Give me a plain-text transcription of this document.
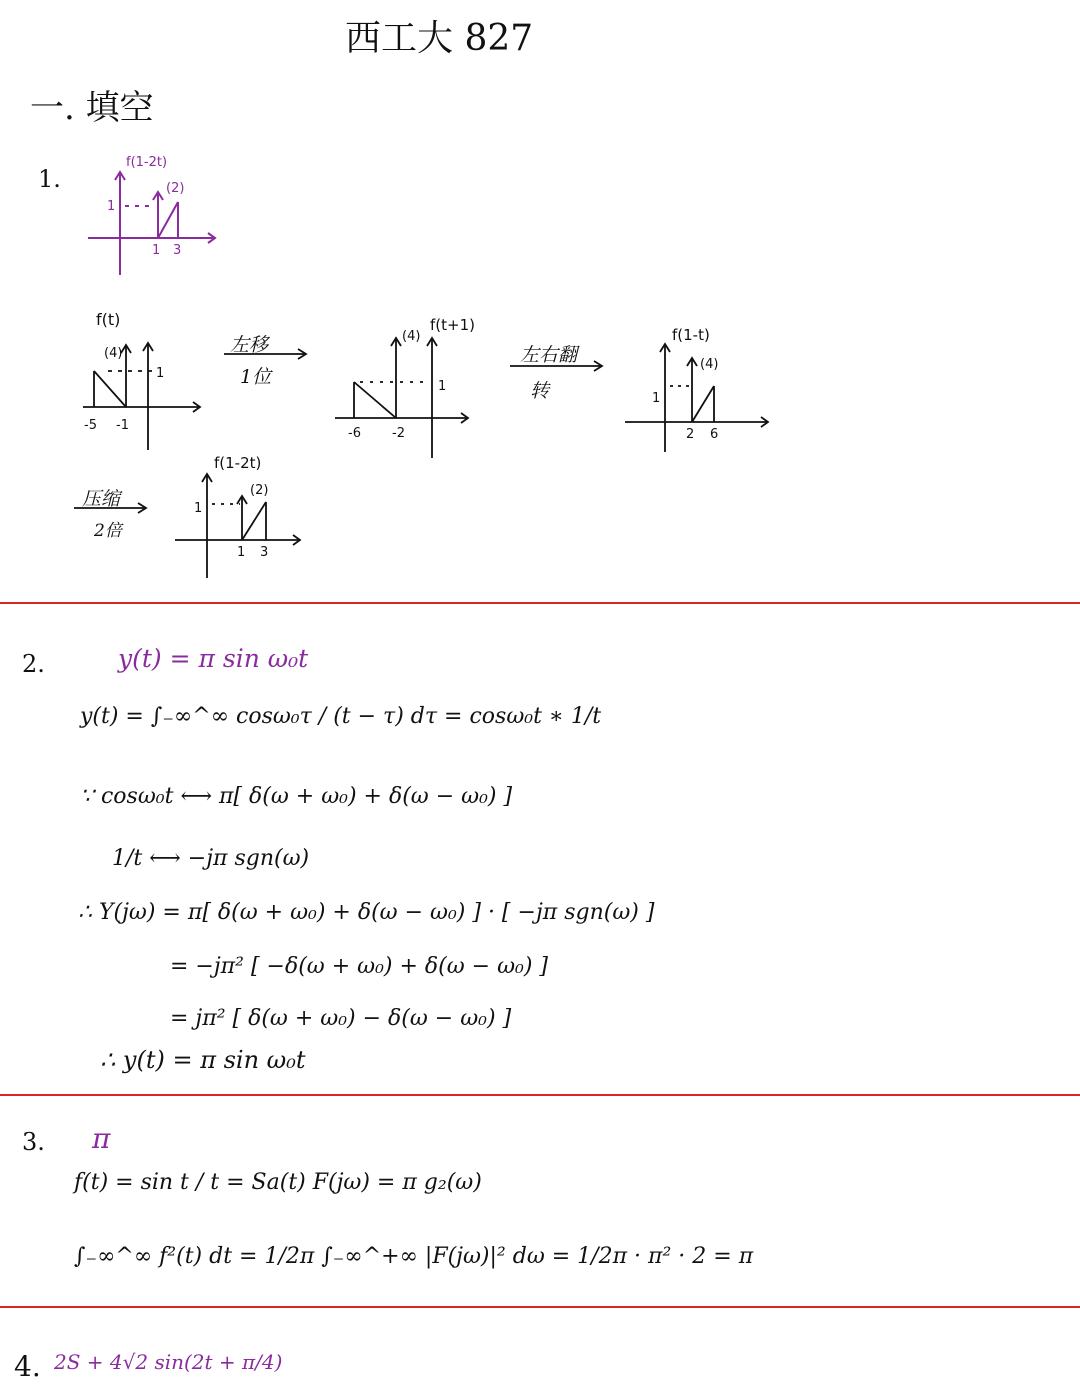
西工大 827
一. 填空
1.
f(1-2t)
1
(2)
1 3
f(t)
(4)
1
-5 -1
左移
1位
f(t+1)
(4)
1
-6 -2
左右翻
转
f(1-t)
(4)
1
2 6
压缩
2倍
f(1-2t)
1
(2)
1 3
2.	y(t) = π sin ω₀t
y(t) = ∫₋∞^∞ cosω₀τ / (t − τ) dτ = cosω₀t ∗ 1/t
∵ cosω₀t ⟷ π[ δ(ω + ω₀) + δ(ω − ω₀) ]
1/t ⟷ −jπ sgn(ω)
∴ Y(jω) = π[ δ(ω + ω₀) + δ(ω − ω₀) ] · [ −jπ sgn(ω) ]
= −jπ² [ −δ(ω + ω₀) + δ(ω − ω₀) ]
= jπ² [ δ(ω + ω₀) − δ(ω − ω₀) ]
∴ y(t) = π sin ω₀t
3. π
f(t) = sin t / t = Sa(t) F(jω) = π g₂(ω)
∫₋∞^∞ f²(t) dt = 1/2π ∫₋∞^+∞ |F(jω)|² dω = 1/2π · π² · 2 = π
4. 2S + 4√2 sin(2t + π/4)
